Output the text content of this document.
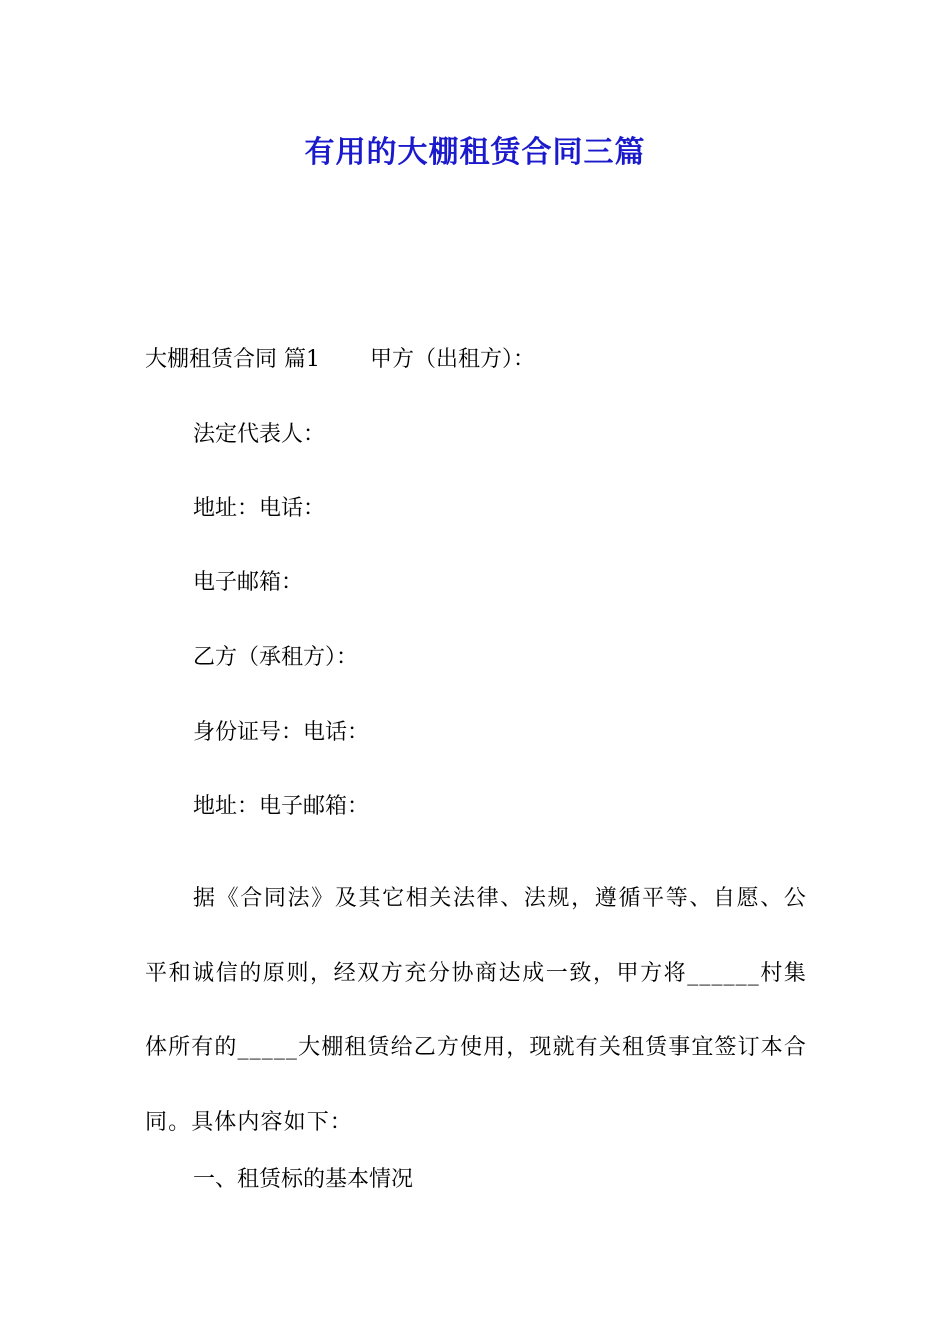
有用的大棚租赁合同三篇
大棚租赁合同 篇1 甲方（出租方）：
法定代表人：
地址：电话：
电子邮箱：
乙方（承租方）：
身份证号：电话：
地址：电子邮箱：

据《合同法》及其它相关法律、法规，遵循平等、自愿、公平和诚信的原则，经双方充分协商达成一致，甲方将______村集体所有的_____大棚租赁给乙方使用，现就有关租赁事宜签订本合同。具体内容如下：

一、租赁标的基本情况
